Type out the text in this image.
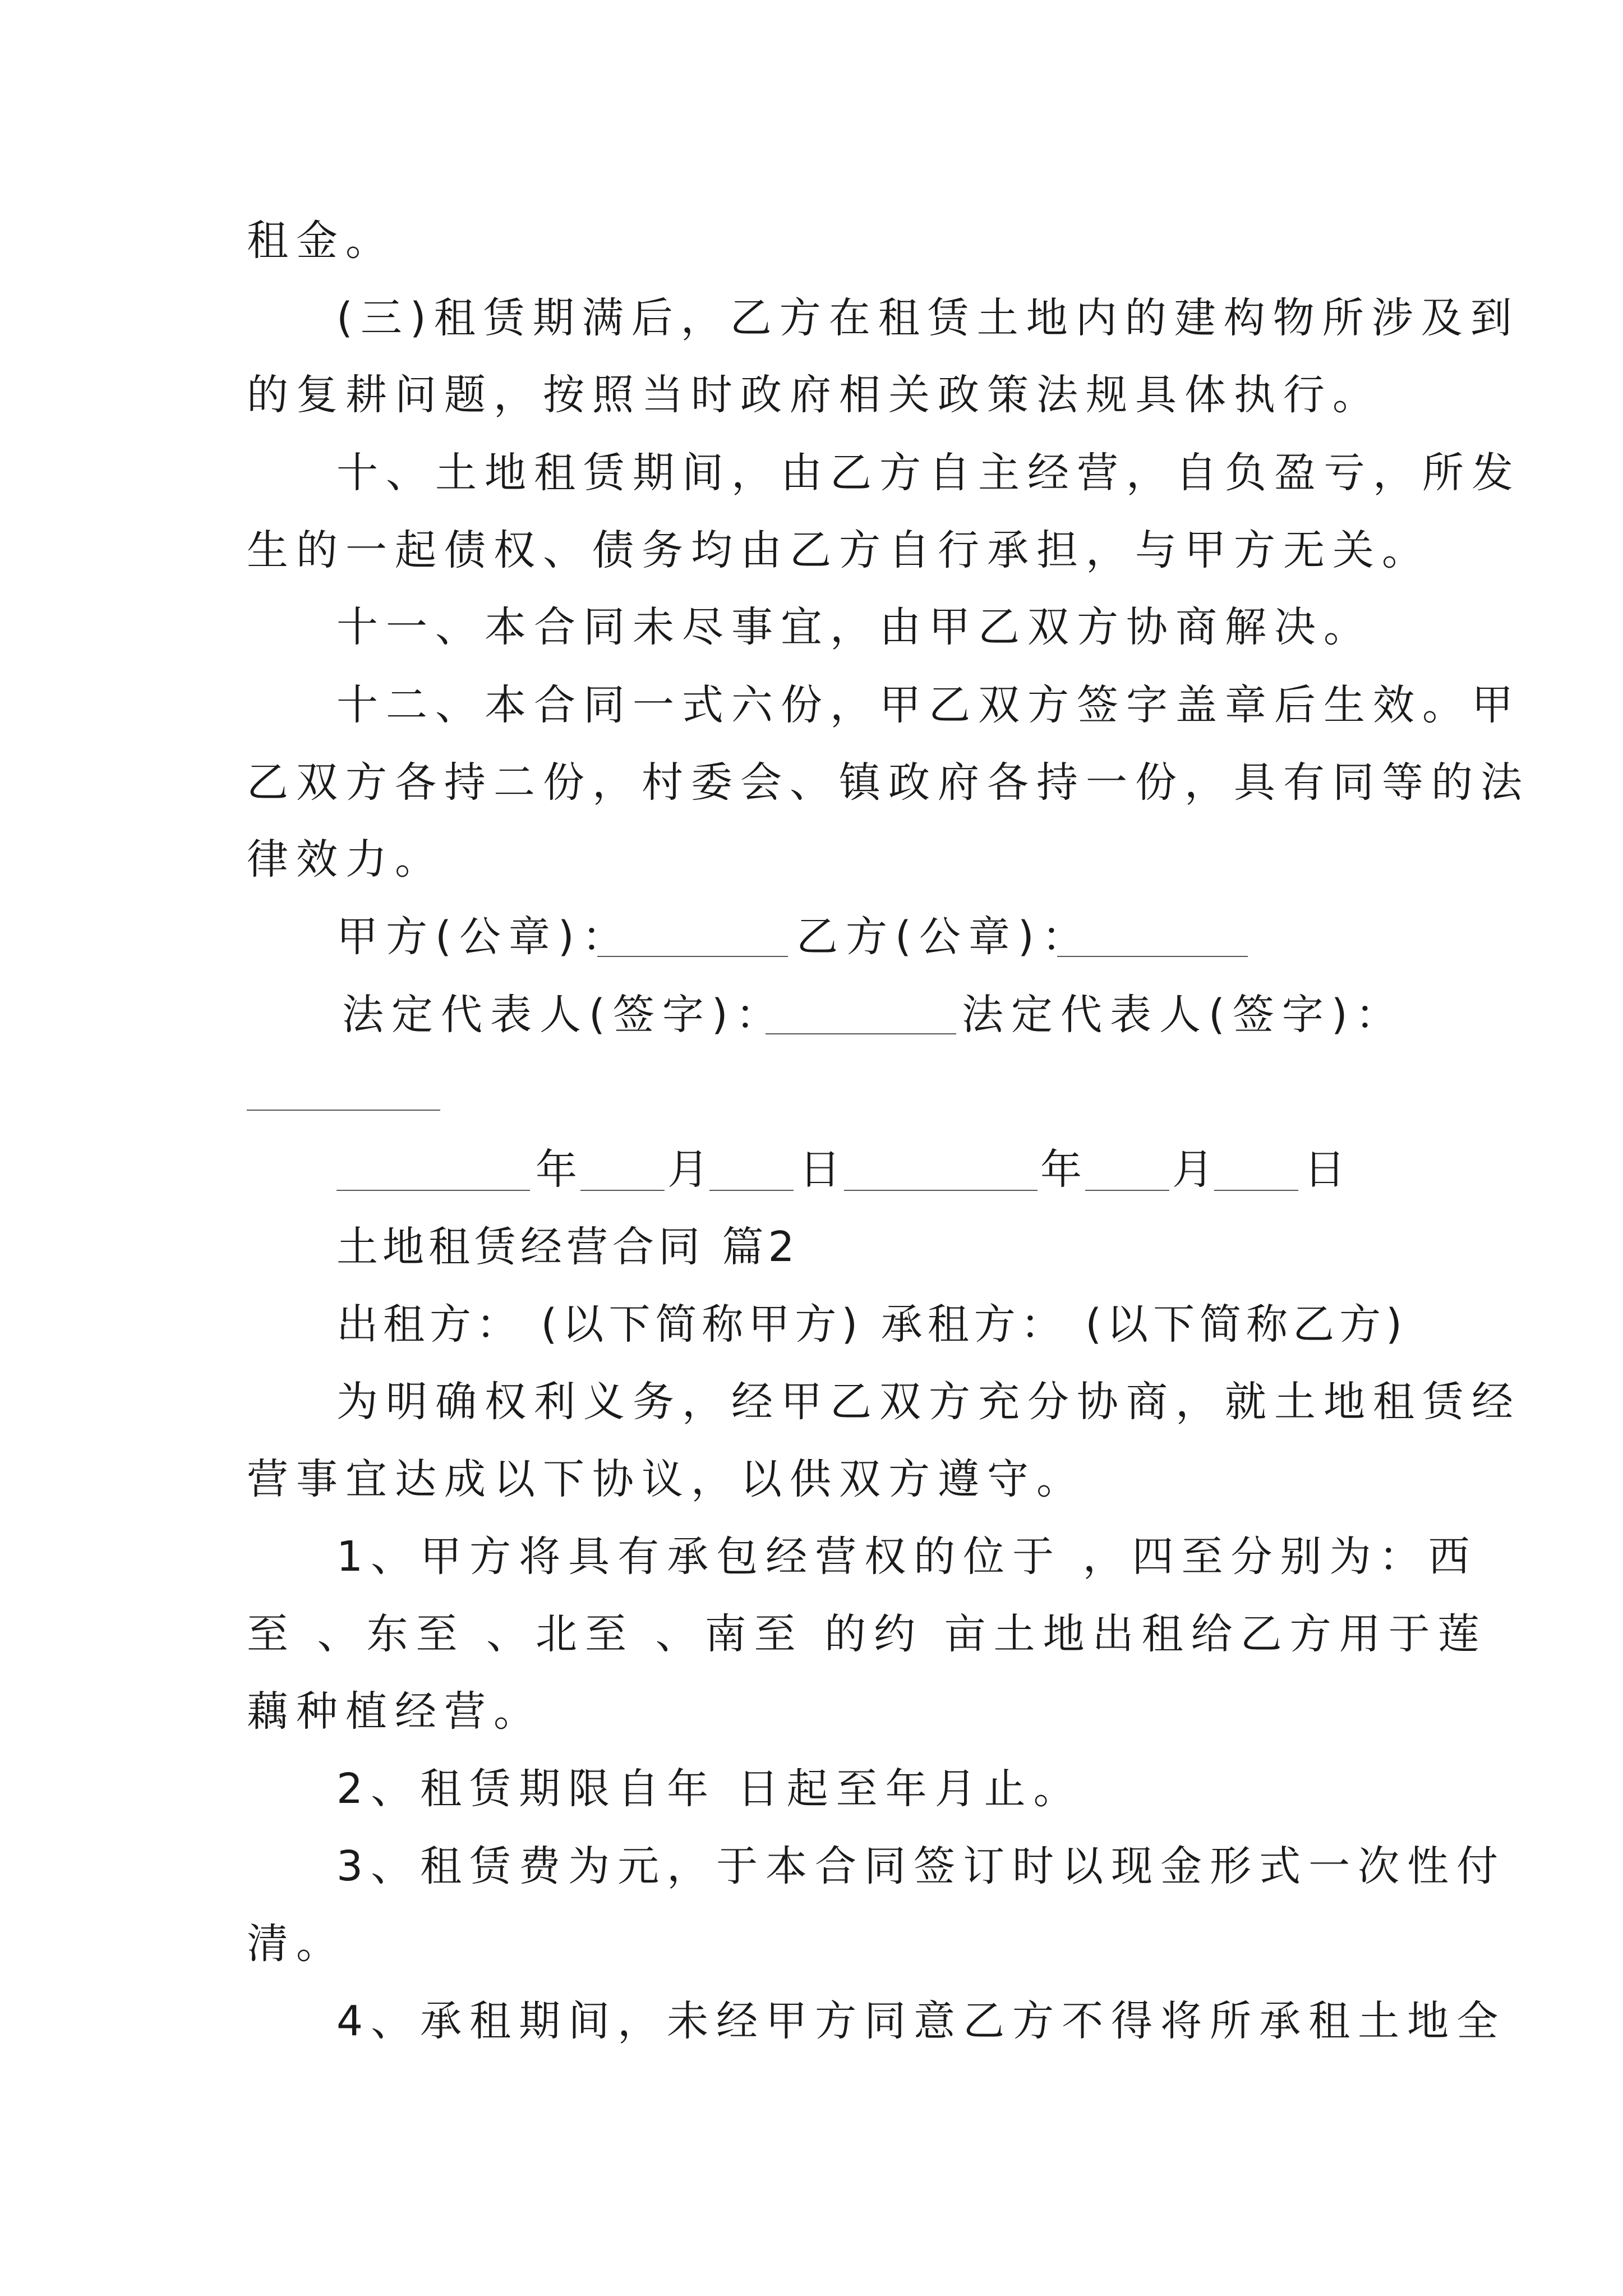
租金。
(三)租赁期满后，乙方在租赁土地内的建构物所涉及到
的复耕问题，按照当时政府相关政策法规具体执行。
十、土地租赁期间，由乙方自主经营，自负盈亏，所发
生的一起债权、债务均由乙方自行承担，与甲方无关。
十一、本合同未尽事宜，由甲乙双方协商解决。
十二、本合同一式六份，甲乙双方签字盖章后生效。甲
乙双方各持二份，村委会、镇政府各持一份，具有同等的法
律效力。
甲方(公章)：	乙方(公章)：
法定代表人(签字)：	法定代表人(签字)：
年 月 日	年 月 日
土地租赁经营合同 篇2
出租方： (以下简称甲方) 承租方： (以下简称乙方)
为明确权利义务，经甲乙双方充分协商，就土地租赁经
营事宜达成以下协议，以供双方遵守。
1、甲方将具有承包经营权的位于 ，四至分别为：西
至 、东至 、北至 、南至 的约 亩土地出租给乙方用于莲
藕种植经营。
2、租赁期限自年 日起至年月止。
3、租赁费为元，于本合同签订时以现金形式一次性付
清。
4、承租期间，未经甲方同意乙方不得将所承租土地全
